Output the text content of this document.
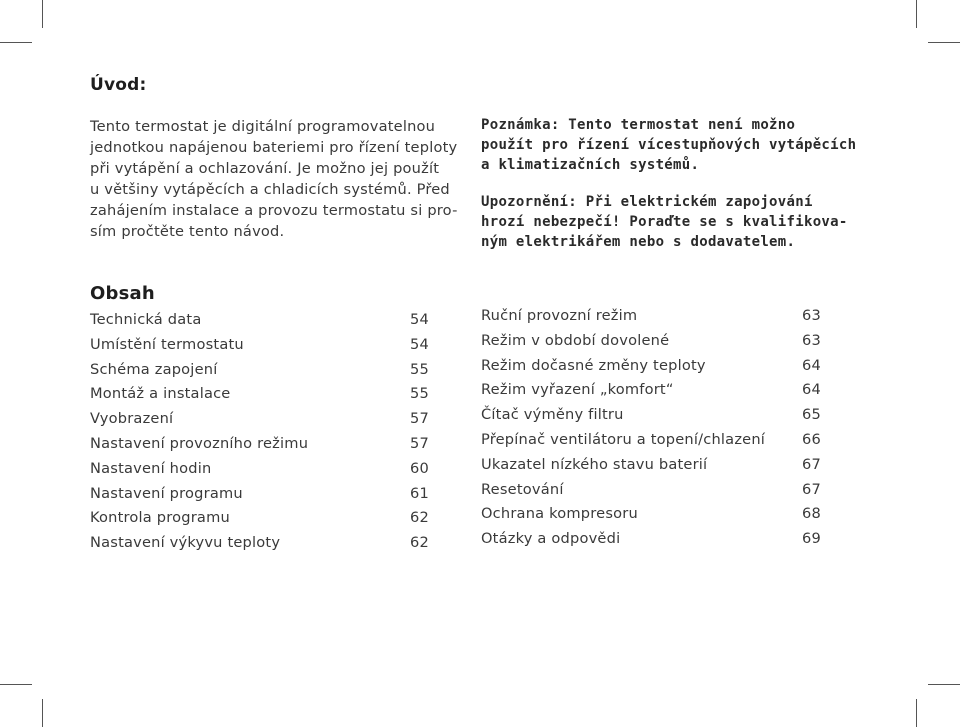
Úvod:

Tento termostat je digitální programovatelnou

jednotkou napájenou bateriemi pro řízení teploty

při vytápění a ochlazování. Je možno jej použít

u většiny vytápěcích a chladicích systémů. Před

zahájením instalace a provozu termostatu si pro-

sím pročtěte tento návod.

Poznámka: Tento termostat není možno

použít pro řízení vícestupňových vytápěcích

a klimatizačních systémů.

Upozornění: Při elektrickém zapojování

hrozí nebezpečí! Poraďte se s kvalifikova-

ným elektrikářem nebo s dodavatelem.

Obsah
Technická data	54
Umístění termostatu	54
Schéma zapojení	55
Montáž a instalace	55
Vyobrazení	57
Nastavení provozního režimu	57
Nastavení hodin	60
Nastavení programu	61
Kontrola programu	62
Nastavení výkyvu teploty	62
Ruční provozní režim	63
Režim v období dovolené	63
Režim dočasné změny teploty	64
Režim vyřazení „komfort“	64
Čítač výměny filtru	65
Přepínač ventilátoru a topení/chlazení	66
Ukazatel nízkého stavu baterií	67
Resetování	67
Ochrana kompresoru	68
Otázky a odpovědi	69
